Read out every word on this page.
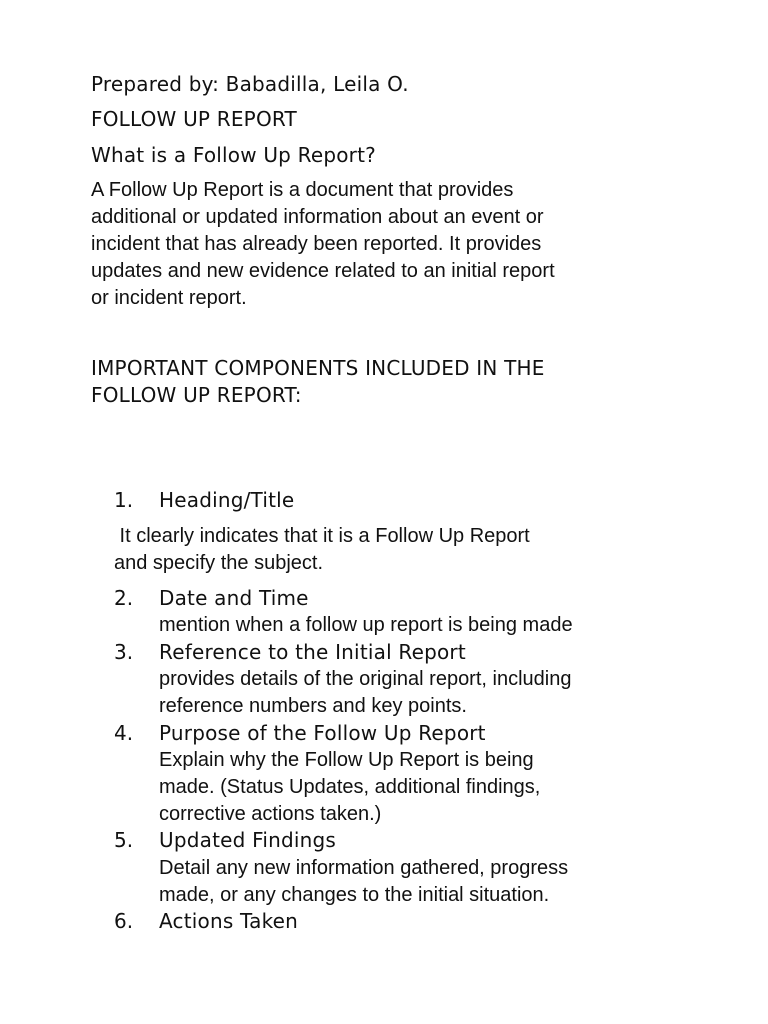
Prepared by: Babadilla, Leila O.
FOLLOW UP REPORT
What is a Follow Up Report?
A Follow Up Report is a document that provides
additional or updated information about an event or
incident that has already been reported. It provides
updates and new evidence related to an initial report
or incident report.
IMPORTANT COMPONENTS INCLUDED IN THE
FOLLOW UP REPORT:
1. Heading/Title
It clearly indicates that it is a Follow Up Report
and specify the subject.
2. Date and Time
mention when a follow up report is being made
3. Reference to the Initial Report
provides details of the original report, including
reference numbers and key points.
4. Purpose of the Follow Up Report
Explain why the Follow Up Report is being
made. (Status Updates, additional findings,
corrective actions taken.)
5. Updated Findings
Detail any new information gathered, progress
made, or any changes to the initial situation.
6. Actions Taken
